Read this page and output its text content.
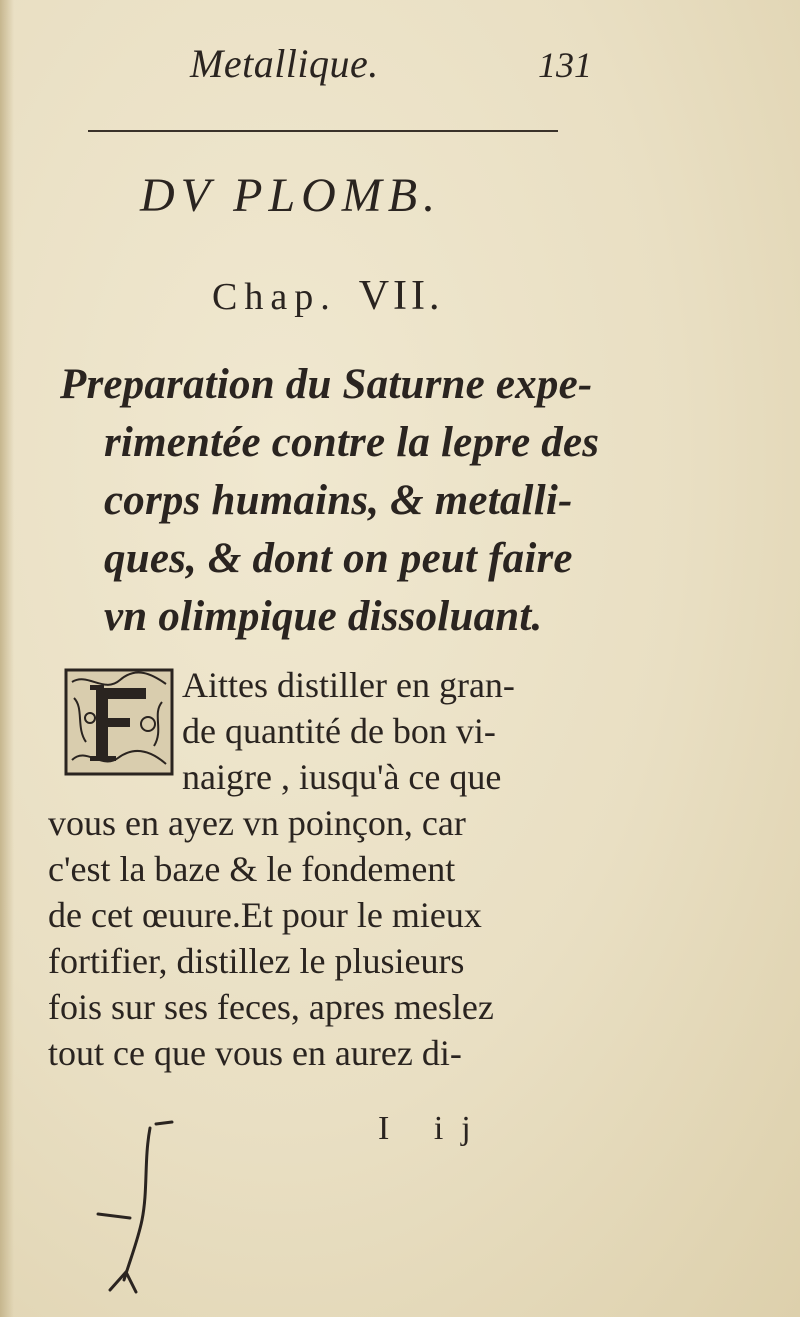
Metallique.	131
DV PLOMB.
Chap. VII.
Preparation du Saturne expe-
rimentée contre la lepre des
corps humains, & metalli-
ques, & dont on peut faire
vn olimpique dissoluant.

Aittes distiller en gran-
de quantité de bon vi-
naigre , iusqu'à ce que
vous en ayez vn poinçon, car
c'est la baze & le fondement
de cet œuure.Et pour le mieux
fortifier, distillez le plusieurs
fois sur ses feces, apres meslez
tout ce que vous en aurez di-

I ij
